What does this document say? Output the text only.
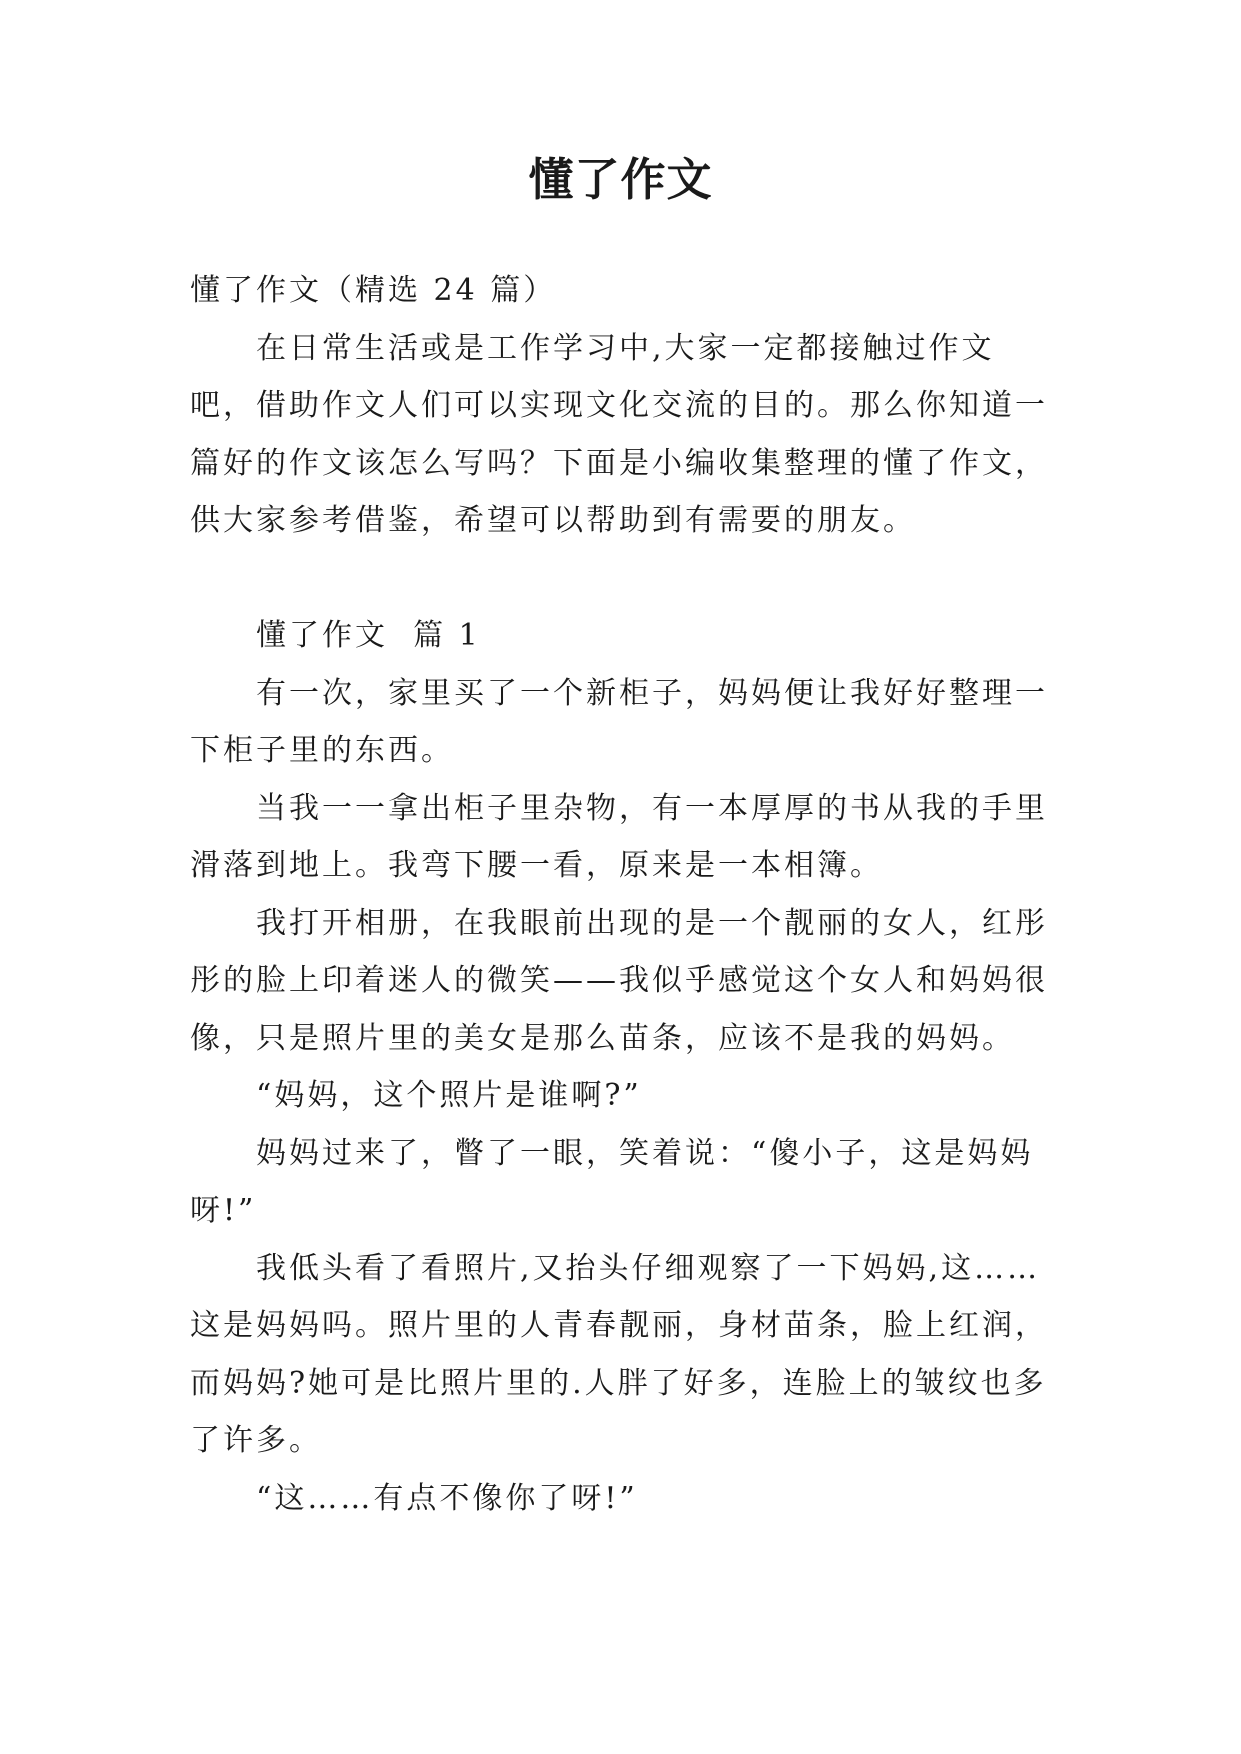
懂了作文

懂了作文（精选 24 篇）

在日常生活或是工作学习中,大家一定都接触过作文吧，借助作文人们可以实现文化交流的目的。那么你知道一篇好的作文该怎么写吗？下面是小编收集整理的懂了作文，供大家参考借鉴，希望可以帮助到有需要的朋友。

懂了作文  篇 1

有一次，家里买了一个新柜子，妈妈便让我好好整理一下柜子里的东西。

当我一一拿出柜子里杂物，有一本厚厚的书从我的手里滑落到地上。我弯下腰一看，原来是一本相簿。

我打开相册，在我眼前出现的是一个靓丽的女人，红彤彤的脸上印着迷人的微笑——我似乎感觉这个女人和妈妈很像，只是照片里的美女是那么苗条，应该不是我的妈妈。

“妈妈，这个照片是谁啊?”

妈妈过来了，瞥了一眼，笑着说：“傻小子，这是妈妈呀!”

我低头看了看照片,又抬头仔细观察了一下妈妈,这……这是妈妈吗。照片里的人青春靓丽，身材苗条，脸上红润，而妈妈?她可是比照片里的.人胖了好多，连脸上的皱纹也多了许多。

“这……有点不像你了呀!”
